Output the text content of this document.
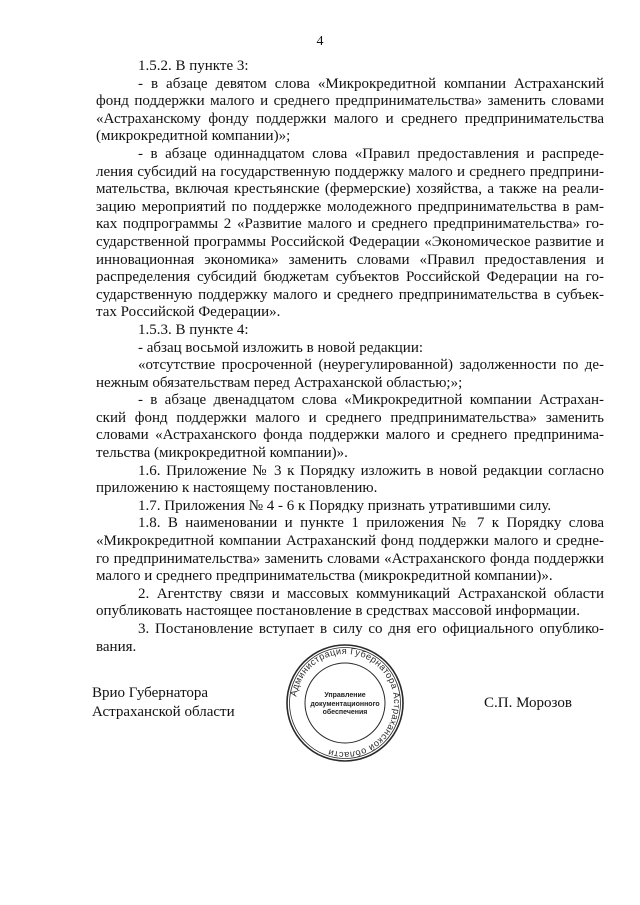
4

1.5.2. В пункте 3:

- в абзаце девятом слова «Микрокредитной компании Астраханский фонд поддержки малого и среднего предпринимательства» заменить словами «Астраханскому фонду поддержки малого и среднего предпринимательства (микрокредитной компании)»;

- в абзаце одиннадцатом слова «Правил предоставления и распределения субсидий на государственную поддержку малого и среднего предпринимательства, включая крестьянские (фермерские) хозяйства, а также на реализацию мероприятий по поддержке молодежного предпринимательства в рамках подпрограммы 2 «Развитие малого и среднего предпринимательства» государственной программы Российской Федерации «Экономическое развитие и инновационная экономика» заменить словами «Правил предоставления и распределения субсидий бюджетам субъектов Российской Федерации на государственную поддержку малого и среднего предпринимательства в субъектах Российской Федерации».

1.5.3. В пункте 4:

- абзац восьмой изложить в новой редакции:

«отсутствие просроченной (неурегулированной) задолженности по денежным обязательствам перед Астраханской областью;»;

- в абзаце двенадцатом слова «Микрокредитной компании Астраханский фонд поддержки малого и среднего предпринимательства» заменить словами «Астраханского фонда поддержки малого и среднего предпринимательства (микрокредитной компании)».

1.6. Приложение № 3 к Порядку изложить в новой редакции согласно приложению к настоящему постановлению.

1.7. Приложения № 4 - 6 к Порядку признать утратившими силу.

1.8. В наименовании и пункте 1 приложения № 7 к Порядку слова «Микрокредитной компании Астраханский фонд поддержки малого и среднего предпринимательства» заменить словами «Астраханского фонда поддержки малого и среднего предпринимательства (микрокредитной компании)».

2. Агентству связи и массовых коммуникаций Астраханской области опубликовать настоящее постановление в средствах массовой информации.

3. Постановление вступает в силу со дня его официального опубликования.

Врио Губернатора
Астраханской области
Администрация Губернатора Астраханской области
Управление
документационного
обеспечения
С.П. Морозов
